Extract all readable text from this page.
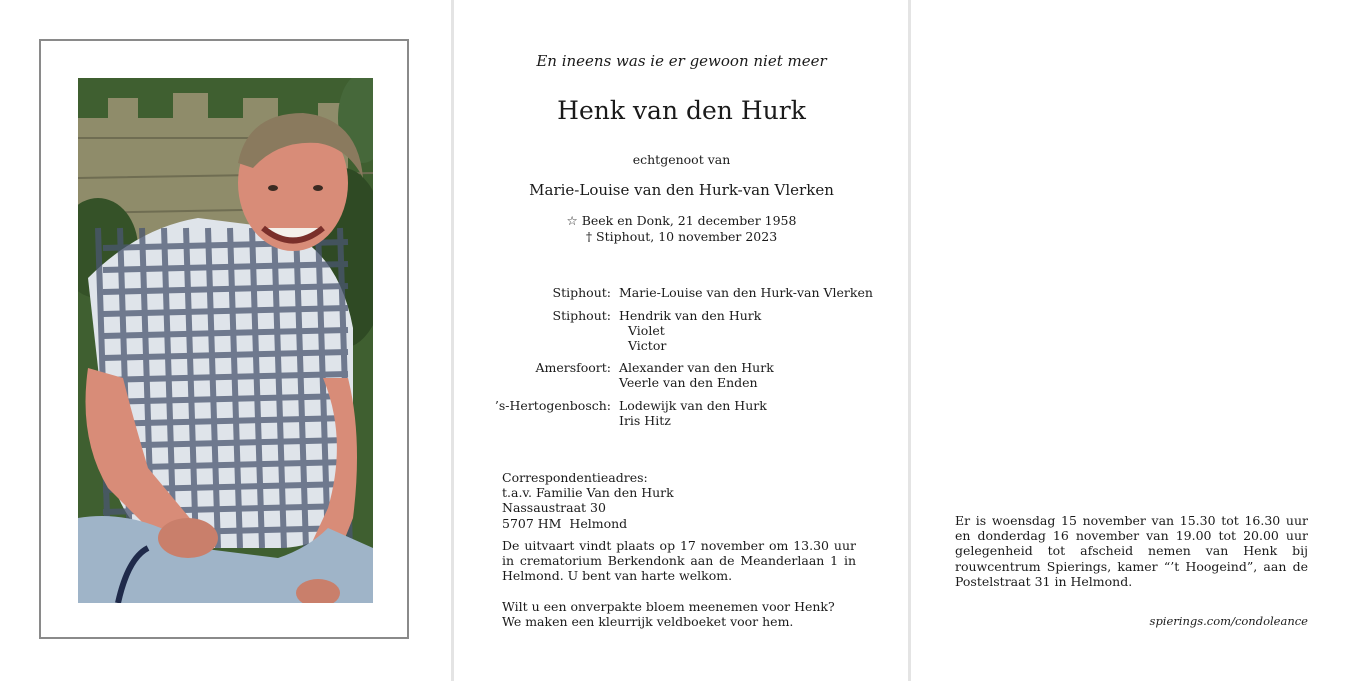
En ineens was ie er gewoon niet meer
Henk van den Hurk
echtgenoot van
Marie-Louise van den Hurk-van Vlerken
☆ Beek en Donk, 21 december 1958
† Stiphout, 10 november 2023
Stiphout: Marie-Louise van den Hurk-van Vlerken
Stiphout: Hendrik van den Hurk
Violet
Victor
Amersfoort: Alexander van den Hurk
Veerle van den Enden
’s-Hertogenbosch: Lodewijk van den Hurk
Iris Hitz
Correspondentieadres:
t.a.v. Familie Van den Hurk
Nassaustraat 30
5707 HM  Helmond
De uitvaart vindt plaats op 17 november om 13.30 uur in crematorium Berkendonk aan de Meanderlaan 1 in Helmond. U bent van harte welkom.
Wilt u een onverpakte bloem meenemen voor Henk?
We maken een kleurrijk veldboeket voor hem.
Er is woensdag 15 november van 15.30 tot 16.30 uur en donderdag 16 november van 19.00 tot 20.00 uur gelegenheid tot afscheid nemen van Henk bij rouwcentrum Spierings, kamer “’t Hoogeind”, aan de Postelstraat 31 in Helmond.
spierings.com/condoleance
